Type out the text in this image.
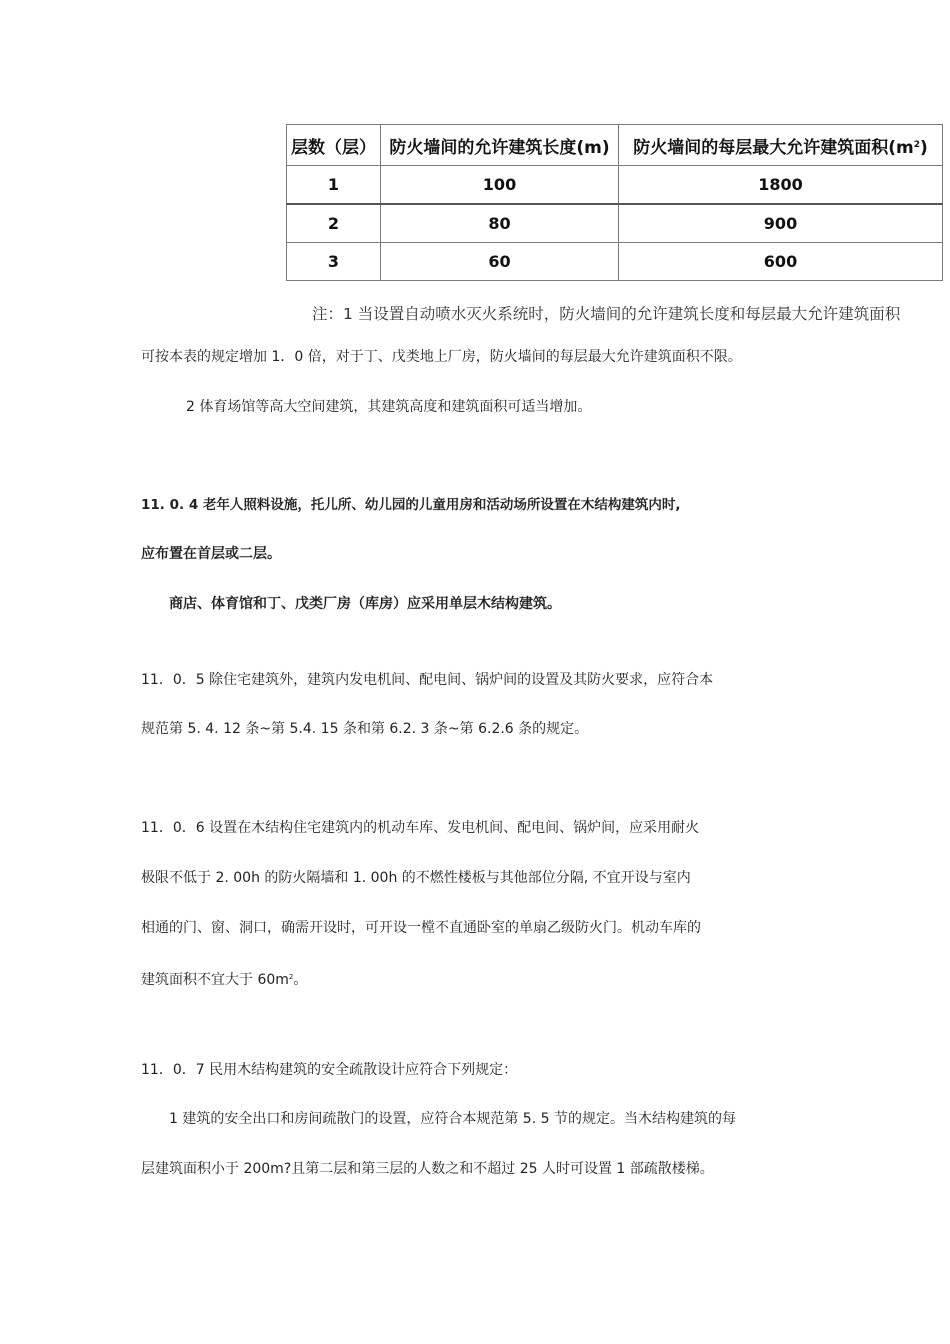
层数（层）	防火墙间的允许建筑长度(m)	防火墙间的每层最大允许建筑面积$(m^2)$
1	100	1800
2	80	900
3	60	600
注：1 当设置自动喷水灭火系统时，防火墙间的允许建筑长度和每层最大允许建筑面积
可按本表的规定增加 1．0 倍，对于丁、戊类地上厂房，防火墙间的每层最大允许建筑面积不限。
2 体育场馆等高大空间建筑，其建筑高度和建筑面积可适当增加。
11. 0. 4 老年人照料设施，托儿所、幼儿园的儿童用房和活动场所设置在木结构建筑内时,
应布置在首层或二层。
商店、体育馆和丁、戊类厂房（库房）应采用单层木结构建筑。
11．0．5 除住宅建筑外，建筑内发电机间、配电间、锅炉间的设置及其防火要求，应符合本
规范第 5. 4. 12 条~第 5.4. 15 条和第 6.2. 3 条~第 6.2.6 条的规定。
11．0．6 设置在木结构住宅建筑内的机动车库、发电机间、配电间、锅炉间，应采用耐火
极限不低于 2. 00h 的防火隔墙和 1. 00h 的不燃性楼板与其他部位分隔, 不宜开设与室内
相通的门、窗、洞口，确需开设时，可开设一樘不直通卧室的单扇乙级防火门。机动车库的
建筑面积不宜大于 $60m^2$。
11．0．7 民用木结构建筑的安全疏散设计应符合下列规定：
1 建筑的安全出口和房间疏散门的设置，应符合本规范第 5. 5 节的规定。当木结构建筑的每
层建筑面积小于 200m?且第二层和第三层的人数之和不超过 25 人时可设置 1 部疏散楼梯。
